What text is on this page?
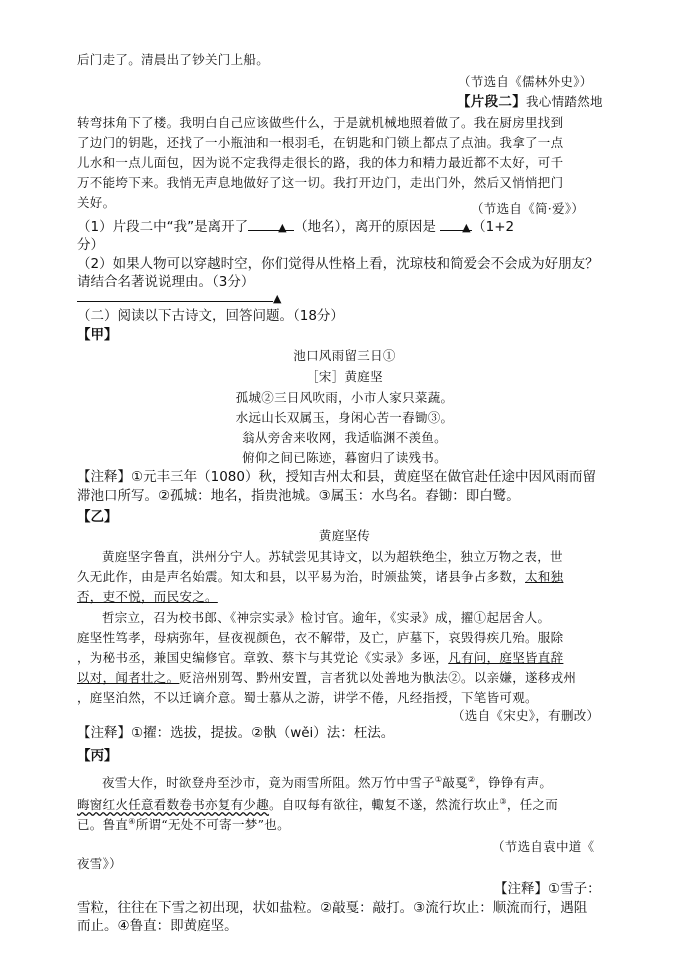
后门走了。清晨出了钞关门上船。
（节选自《儒林外史》）
【片段二】我心情踏然地
转弯抹角下了楼。我明白自己应该做些什么，于是就机械地照着做了。我在厨房里找到
了边门的钥匙，还找了一小瓶油和一根羽毛，在钥匙和门锁上都点了点油。我拿了一点
儿水和一点儿面包，因为说不定我得走很长的路，我的体力和精力最近都不太好，可千
万不能垮下来。我悄无声息地做好了这一切。我打开边门，走出门外，然后又悄悄把门
关好。	（节选自《简·爱》）
（1）片段二中“我”是离开了	▲ （地名），离开的原因是 ▲ （1+2
分）
（2）如果人物可以穿越时空，你们觉得从性格上看，沈琼枝和简爱会不会成为好朋友？
请结合名著说说理由。（3分）
▲
（二）阅读以下古诗文，回答问题。（18分）
【甲】
池口风雨留三日①
［宋］黄庭坚
孤城②三日风吹雨，小市人家只菜蔬。
水远山长双属玉，身闲心苦一舂锄③。
翁从旁舍来收网，我适临渊不羡鱼。
俯仰之间已陈迹，暮窗归了读残书。
【注释】①元丰三年（1080）秋，授知吉州太和县，黄庭坚在做官赴任途中因风雨而留
滞池口所写。②孤城：地名，指贵池城。③属玉：水鸟名。舂锄：即白鹭。
【乙】
黄庭坚传
黄庭坚字鲁直，洪州分宁人。苏轼尝见其诗文，以为超轶绝尘，独立万物之表，世
久无此作，由是声名始震。知太和县，以平易为治，时颁盐筴，诸县争占多数，太和独
否，吏不悦，而民安之。
哲宗立，召为校书郎、《神宗实录》检讨官。逾年，《实录》成，擢①起居舍人。
庭坚性笃孝，母病弥年，昼夜视颜色，衣不解带，及亡，庐墓下，哀毁得疾几殆。服除
，为秘书丞，兼国史编修官。章敦、蔡卞与其党论《实录》多诬，凡有问，庭坚皆直辞
以对，闻者壮之。贬涪州别驾、黔州安置，言者犹以处善地为骫法②。以亲嫌，遂移戎州
，庭坚泊然，不以迁谪介意。蜀士慕从之游，讲学不倦，凡经指授，下笔皆可观。
（选自《宋史》，有删改）
【注释】①擢：选拔，提拔。②骫（wěi）法：枉法。
【丙】
夜雪大作，时欲登舟至沙市，竟为雨雪所阻。然万竹中雪子①敲戛②，铮铮有声。
晦窗红火任意看数卷书亦复有少趣。自叹每有欲往，輙复不遂，然流行坎止③，任之而
已。鲁直④所谓“无处不可寄一梦”也。
（节选自袁中道《
夜雪》）
【注释】①雪子：
雪粒，往往在下雪之初出现，状如盐粒。②敲戛：敲打。③流行坎止：顺流而行，遇阻
而止。④鲁直：即黄庭坚。
